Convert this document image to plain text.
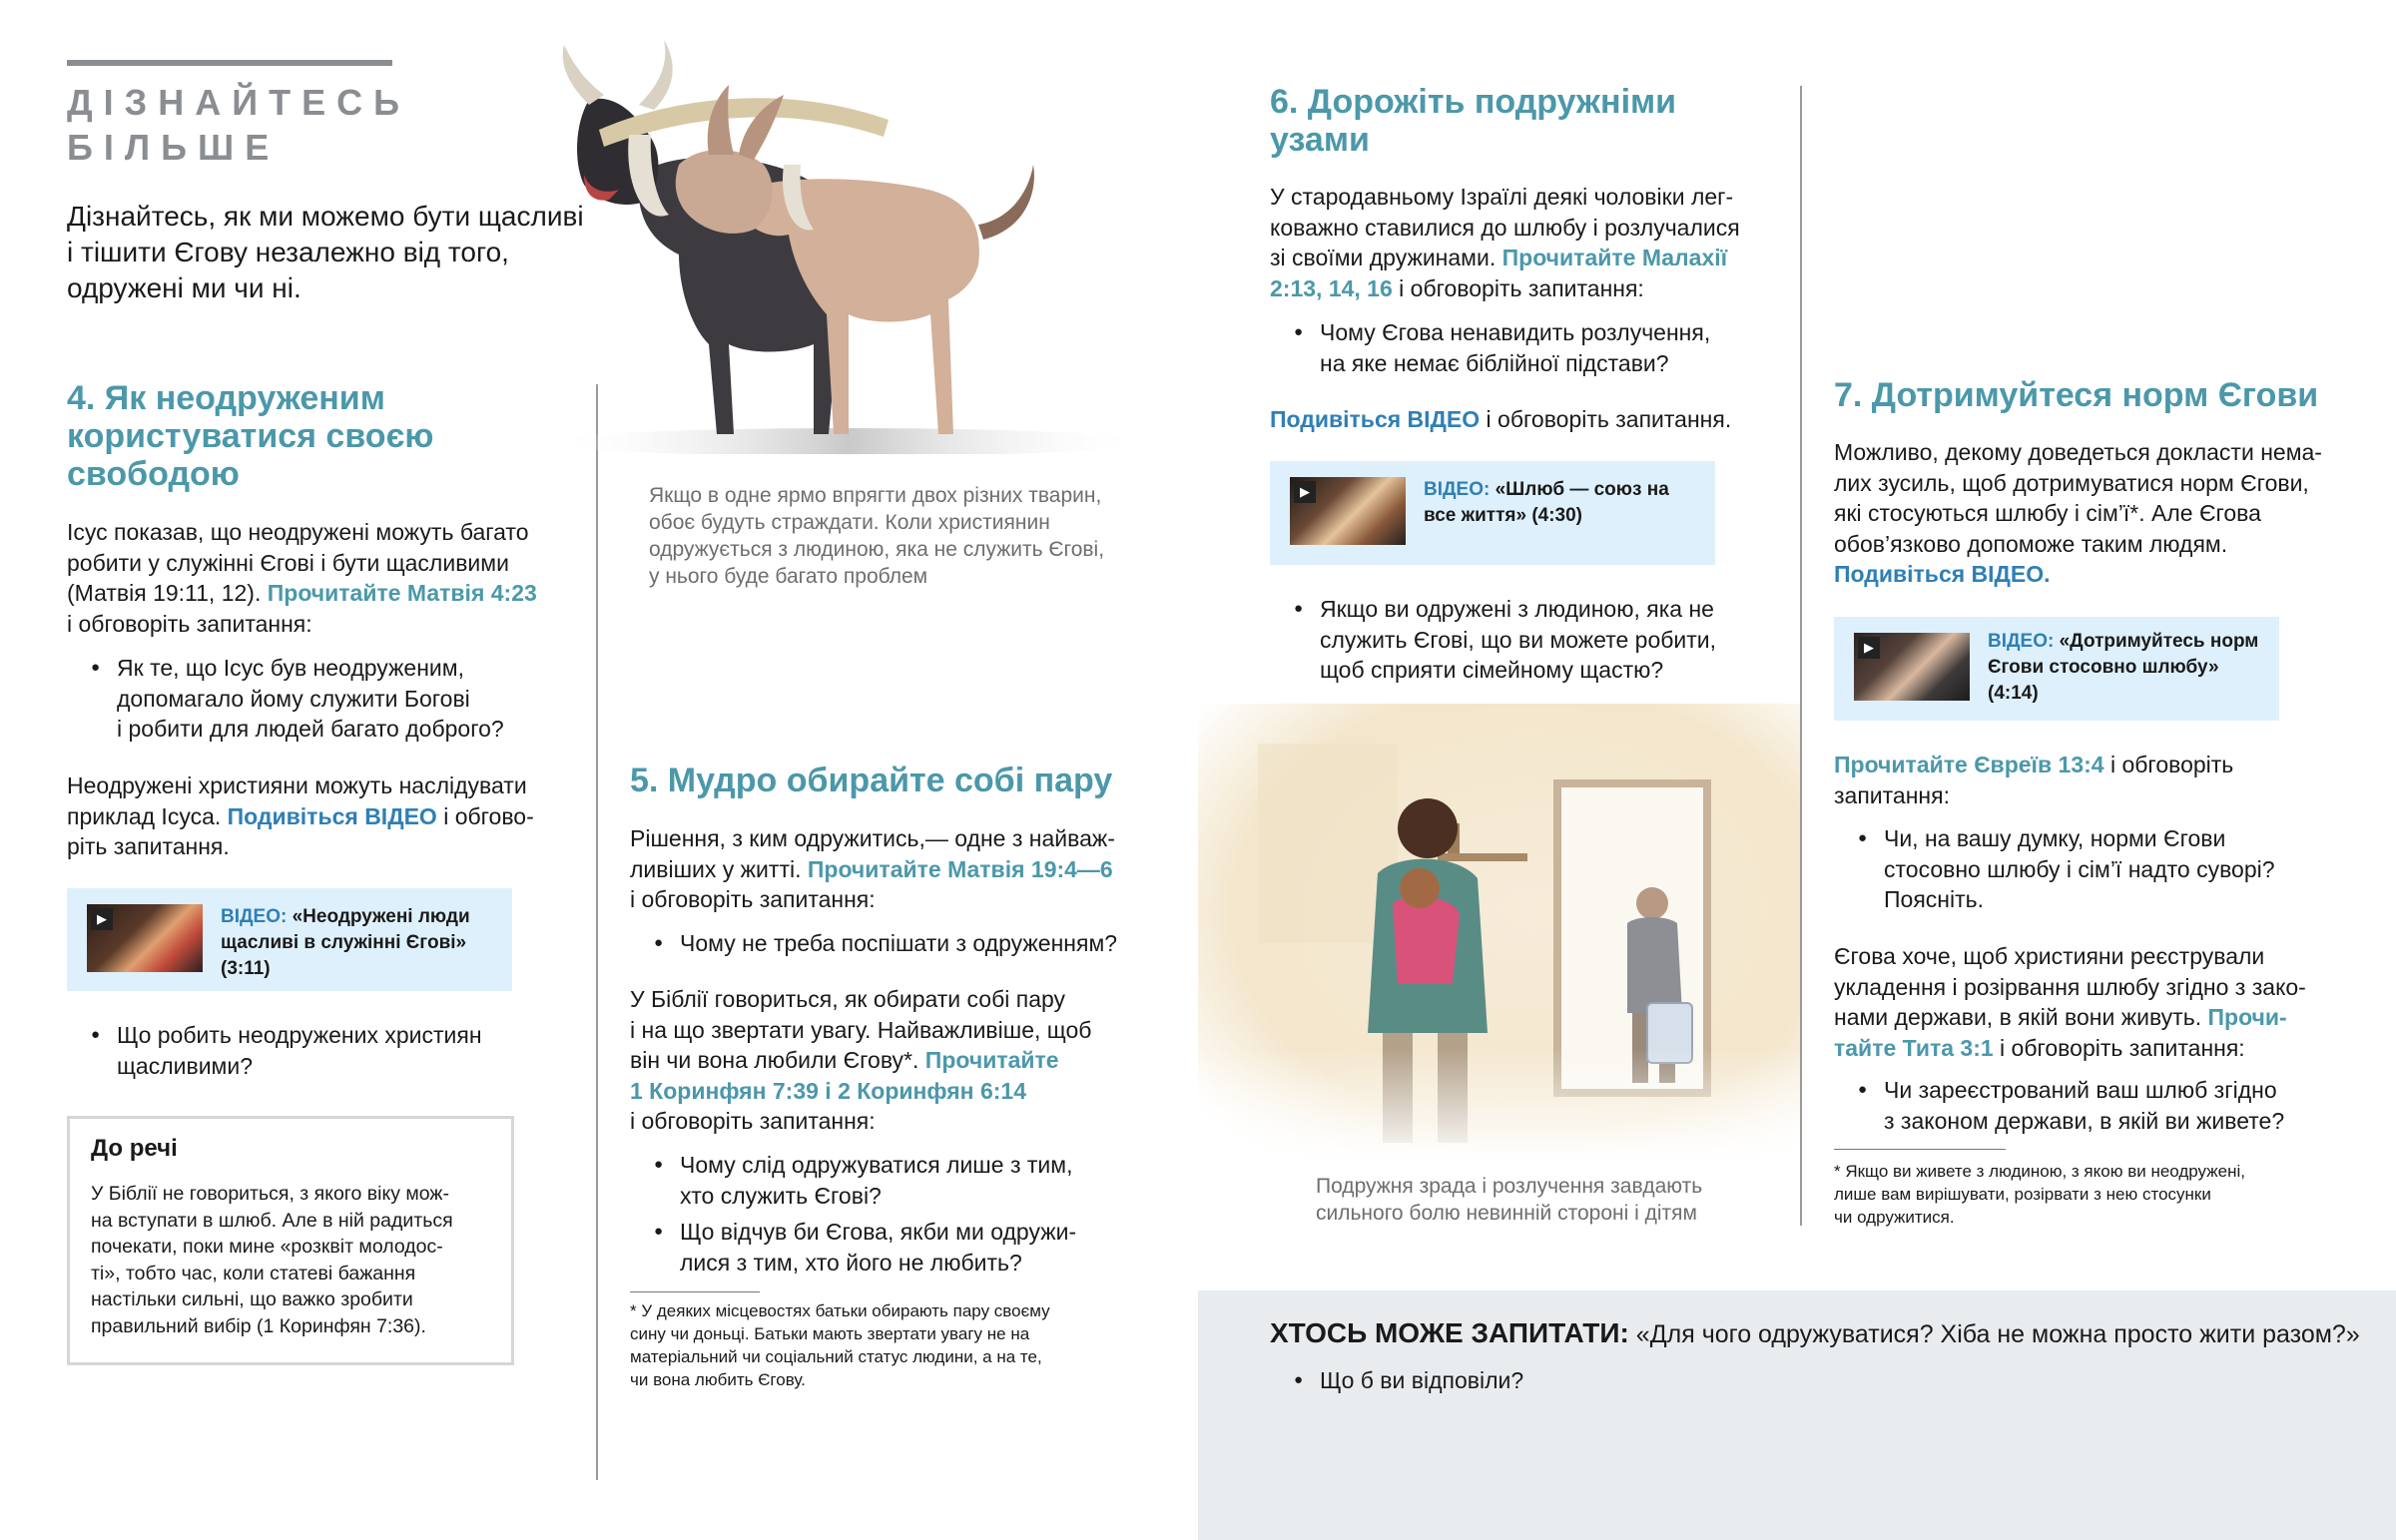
ДІЗНАЙТЕСЬ
БІЛЬШЕ
Дізнайтесь, як ми можемо бути щасливі
і тішити Єгову незалежно від того,
одружені ми чи ні.
4. Як неодруженим
користуватися своєю
свободою
Ісус показав, що неодружені можуть багато
робити у служінні Єгові і бути щасливими
(Матвія 19:11, 12). Прочитайте Матвія 4:23
і обговоріть запитання:
● Як те, що Ісус був неодруженим,
допомагало йому служити Богові
і робити для людей багато доброго?
Неодружені християни можуть наслідувати
приклад Ісуса. Подивіться ВІДЕО і обгово-
ріть запитання.
▶	ВІДЕО: «Неодружені люди
щасливі в служінні Єгові»
(3:11)
● Що робить неодружених християн
щасливими?
До речі
У Біблії не говориться, з якого віку мож-
на вступати в шлюб. Але в ній радиться
почекати, поки мине «розквіт молодос-
ті», тобто час, коли статеві бажання
настільки сильні, що важко зробити
правильний вибір (1 Коринфян 7:36).
Якщо в одне ярмо впрягти двох різних тварин,
обоє будуть страждати. Коли християнин
одружується з людиною, яка не служить Єгові,
у нього буде багато проблем
5. Мудро обирайте собі пару
Рішення, з ким одружитись,— одне з найваж-
ливіших у житті. Прочитайте Матвія 19:4—6
і обговоріть запитання:
● Чому не треба поспішати з одруженням?
У Біблії говориться, як обирати собі пару
і на що звертати увагу. Найважливіше, щоб
він чи вона любили Єгову*. Прочитайте
1 Коринфян 7:39 і 2 Коринфян 6:14
і обговоріть запитання:
● Чому слід одружуватися лише з тим,
хто служить Єгові?
● Що відчув би Єгова, якби ми одружи-
лися з тим, хто його не любить?
* У деяких місцевостях батьки обирають пару своєму
сину чи доньці. Батьки мають звертати увагу не на
матеріальний чи соціальний статус людини, а на те,
чи вона любить Єгову.
6. Дорожіть подружніми
узами
У стародавньому Ізраїлі деякі чоловіки лег-
коважно ставилися до шлюбу і розлучалися
зі своїми дружинами. Прочитайте Малахії
2:13, 14, 16 і обговоріть запитання:
● Чому Єгова ненавидить розлучення,
на яке немає біблійної підстави?
Подивіться ВІДЕО і обговоріть запитання.
▶	ВІДЕО: «Шлюб — союз на
все життя» (4:30)
● Якщо ви одружені з людиною, яка не
служить Єгові, що ви можете робити,
щоб сприяти сімейному щастю?
Подружня зрада і розлучення завдають
сильного болю невинній стороні і дітям
7. Дотримуйтеся норм Єгови
Можливо, декому доведеться докласти нема-
лих зусиль, щоб дотримуватися норм Єгови,
які стосуються шлюбу і сім’ї*. Але Єгова
обов’язково допоможе таким людям.
Подивіться ВІДЕО.
▶	ВІДЕО: «Дотримуйтесь норм
Єгови стосовно шлюбу»
(4:14)
Прочитайте Євреїв 13:4 і обговоріть
запитання:
● Чи, на вашу думку, норми Єгови
стосовно шлюбу і сім’ї надто суворі?
Поясніть.
Єгова хоче, щоб християни реєстрували
укладення і розірвання шлюбу згідно з зако-
нами держави, в якій вони живуть. Прочи-
тайте Тита 3:1 і обговоріть запитання:
● Чи зареєстрований ваш шлюб згідно
з законом держави, в якій ви живете?
* Якщо ви живете з людиною, з якою ви неодружені,
лише вам вирішувати, розірвати з нею стосунки
чи одружитися.
ХТОСЬ МОЖЕ ЗАПИТАТИ: «Для чого одружуватися? Хіба не можна просто жити разом?»
● Що б ви відповіли?
